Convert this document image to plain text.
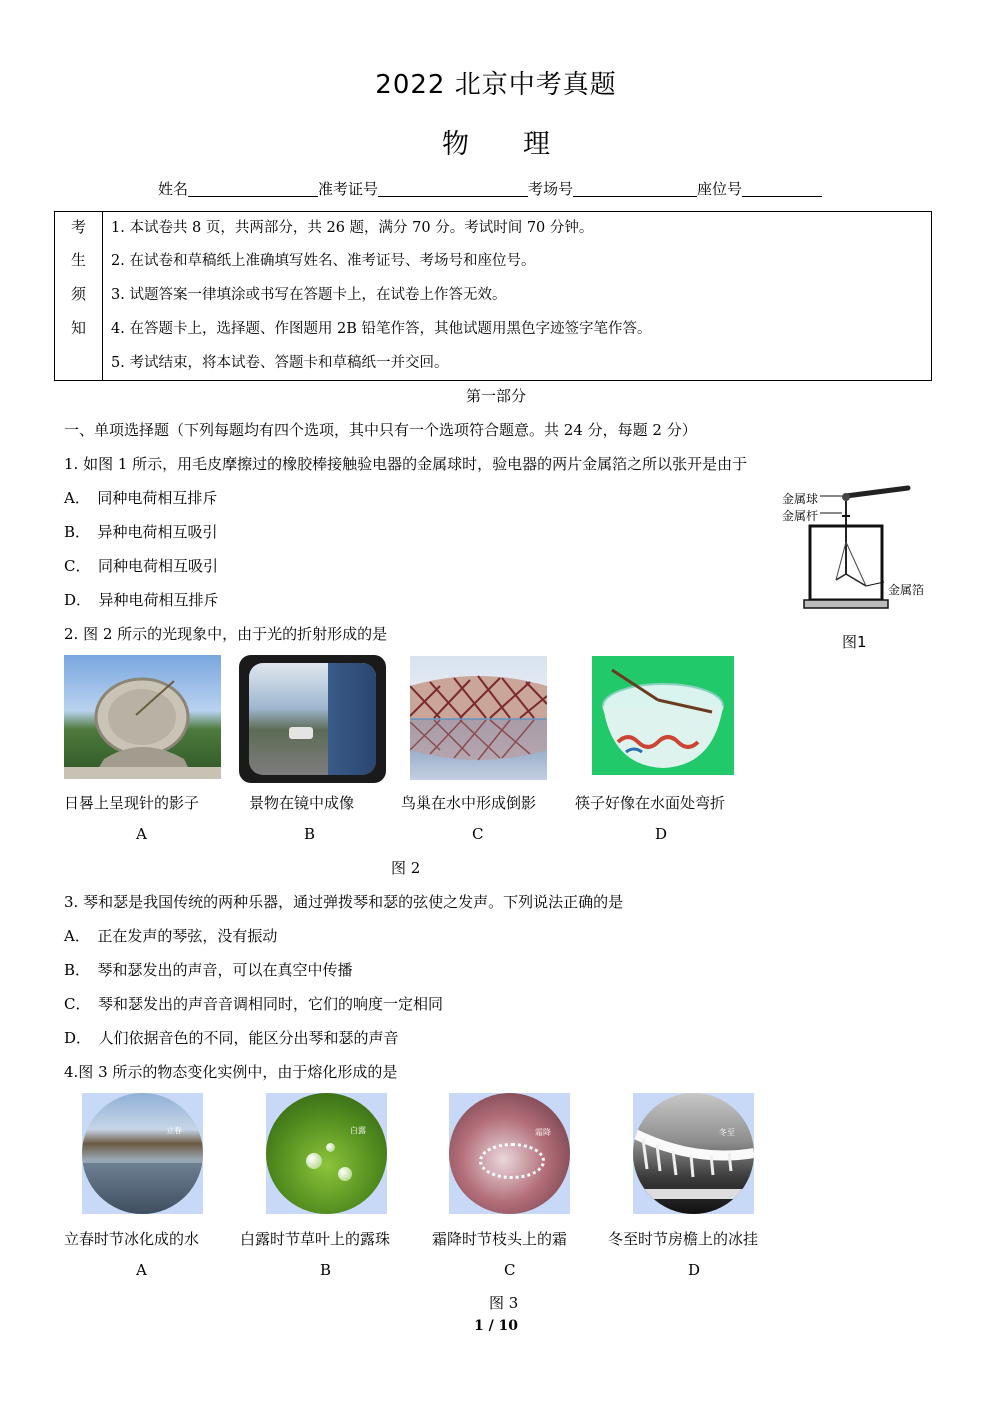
2022 北京中考真题
物　　理
姓名	准考证号	考场号	座位号
考
生
须
知
1. 本试卷共 8 页，共两部分，共 26 题，满分 70 分。考试时间 70 分钟。
2. 在试卷和草稿纸上准确填写姓名、准考证号、考场号和座位号。
3. 试题答案一律填涂或书写在答题卡上，在试卷上作答无效。
4. 在答题卡上，选择题、作图题用 2B 铅笔作答，其他试题用黑色字迹签字笔作答。
5. 考试结束，将本试卷、答题卡和草稿纸一并交回。
第一部分
一、单项选择题（下列每题均有四个选项，其中只有一个选项符合题意。共 24 分，每题 2 分）
1. 如图 1 所示，用毛皮摩擦过的橡胶棒接触验电器的金属球时，验电器的两片金属箔之所以张开是由于
A．　同种电荷相互排斥
B．　异种电荷相互吸引
C．　同种电荷相互吸引
D．　异种电荷相互排斥
金属球
金属杆
金属箔
图1
2. 图 2 所示的光现象中，由于光的折射形成的是
日晷上呈现针的影子	景物在镜中成像	鸟巢在水中形成倒影	筷子好像在水面处弯折
A	B	C	D
图 2
3. 琴和瑟是我国传统的两种乐器，通过弹拨琴和瑟的弦使之发声。下列说法正确的是
A．　正在发声的琴弦，没有振动
B．　琴和瑟发出的声音，可以在真空中传播
C．　琴和瑟发出的声音音调相同时，它们的响度一定相同
D．　人们依据音色的不同，能区分出琴和瑟的声音
4.图 3 所示的物态变化实例中，由于熔化形成的是
立春	白露	霜降	冬至
立春时节冰化成的水	白露时节草叶上的露珠	霜降时节枝头上的霜	冬至时节房檐上的冰挂
A	B	C	D
图 3
1 / 10
